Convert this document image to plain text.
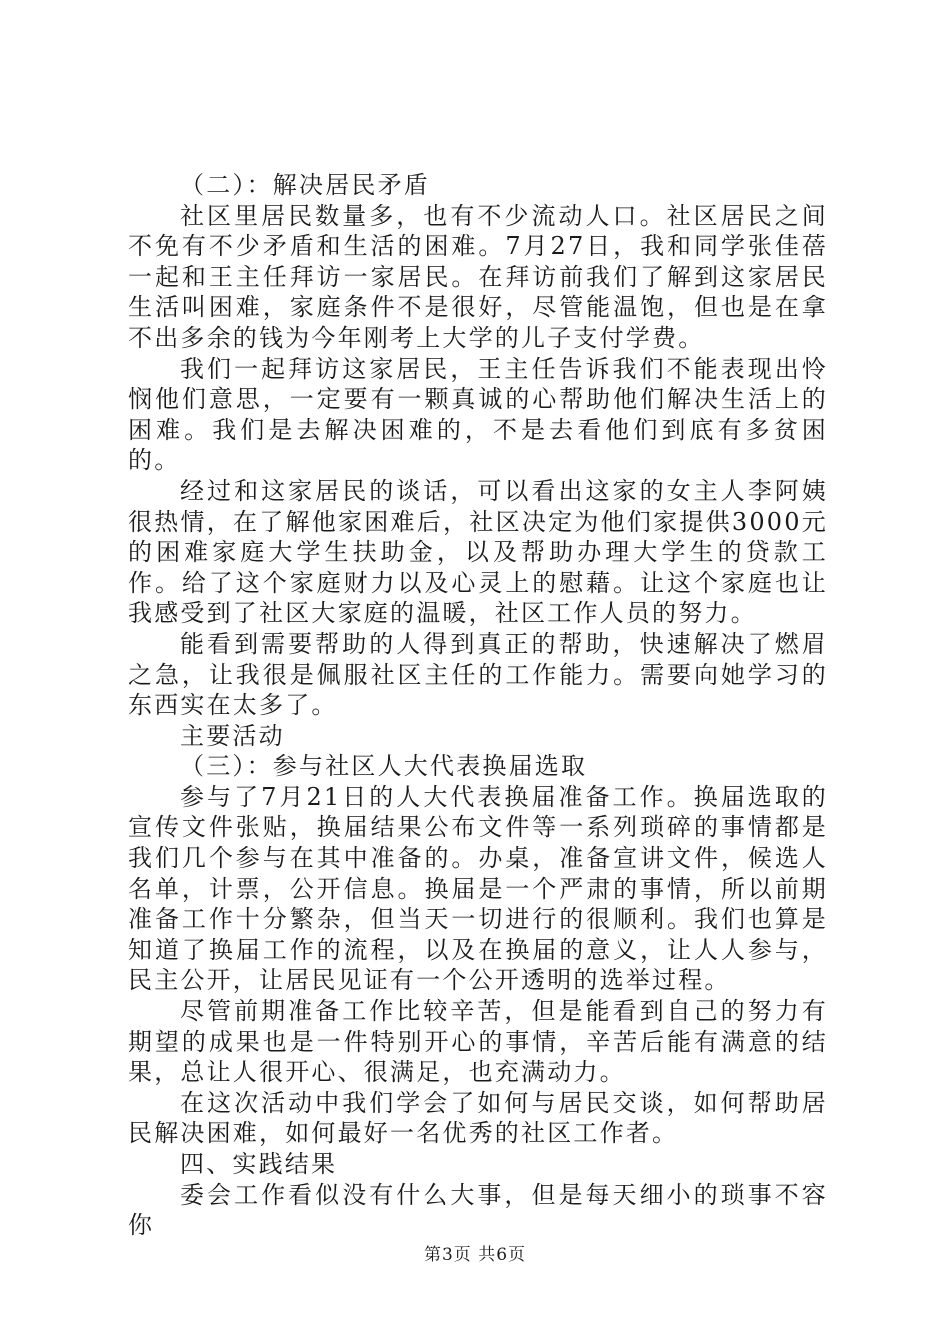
（二）：解决居民矛盾

社区里居民数量多，也有不少流动人口。社区居民之间不免有不少矛盾和生活的困难。7月27日，我和同学张佳蓓一起和王主任拜访一家居民。在拜访前我们了解到这家居民生活叫困难，家庭条件不是很好，尽管能温饱，但也是在拿不出多余的钱为今年刚考上大学的儿子支付学费。

我们一起拜访这家居民，王主任告诉我们不能表现出怜悯他们意思，一定要有一颗真诚的心帮助他们解决生活上的困难。我们是去解决困难的，不是去看他们到底有多贫困的。

经过和这家居民的谈话，可以看出这家的女主人李阿姨很热情，在了解他家困难后，社区决定为他们家提供3000元的困难家庭大学生扶助金，以及帮助办理大学生的贷款工作。给了这个家庭财力以及心灵上的慰藉。让这个家庭也让我感受到了社区大家庭的温暖，社区工作人员的努力。

能看到需要帮助的人得到真正的帮助，快速解决了燃眉之急，让我很是佩服社区主任的工作能力。需要向她学习的东西实在太多了。

主要活动

（三）：参与社区人大代表换届选取

参与了7月21日的人大代表换届准备工作。换届选取的宣传文件张贴，换届结果公布文件等一系列琐碎的事情都是我们几个参与在其中准备的。办桌，准备宣讲文件，候选人名单，计票，公开信息。换届是一个严肃的事情，所以前期准备工作十分繁杂，但当天一切进行的很顺利。我们也算是知道了换届工作的流程，以及在换届的意义，让人人参与，民主公开，让居民见证有一个公开透明的选举过程。

尽管前期准备工作比较辛苦，但是能看到自己的努力有期望的成果也是一件特别开心的事情，辛苦后能有满意的结果，总让人很开心、很满足，也充满动力。

在这次活动中我们学会了如何与居民交谈，如何帮助居民解决困难，如何最好一名优秀的社区工作者。

四、实践结果

委会工作看似没有什么大事，但是每天细小的琐事不容你

第3页 共6页
